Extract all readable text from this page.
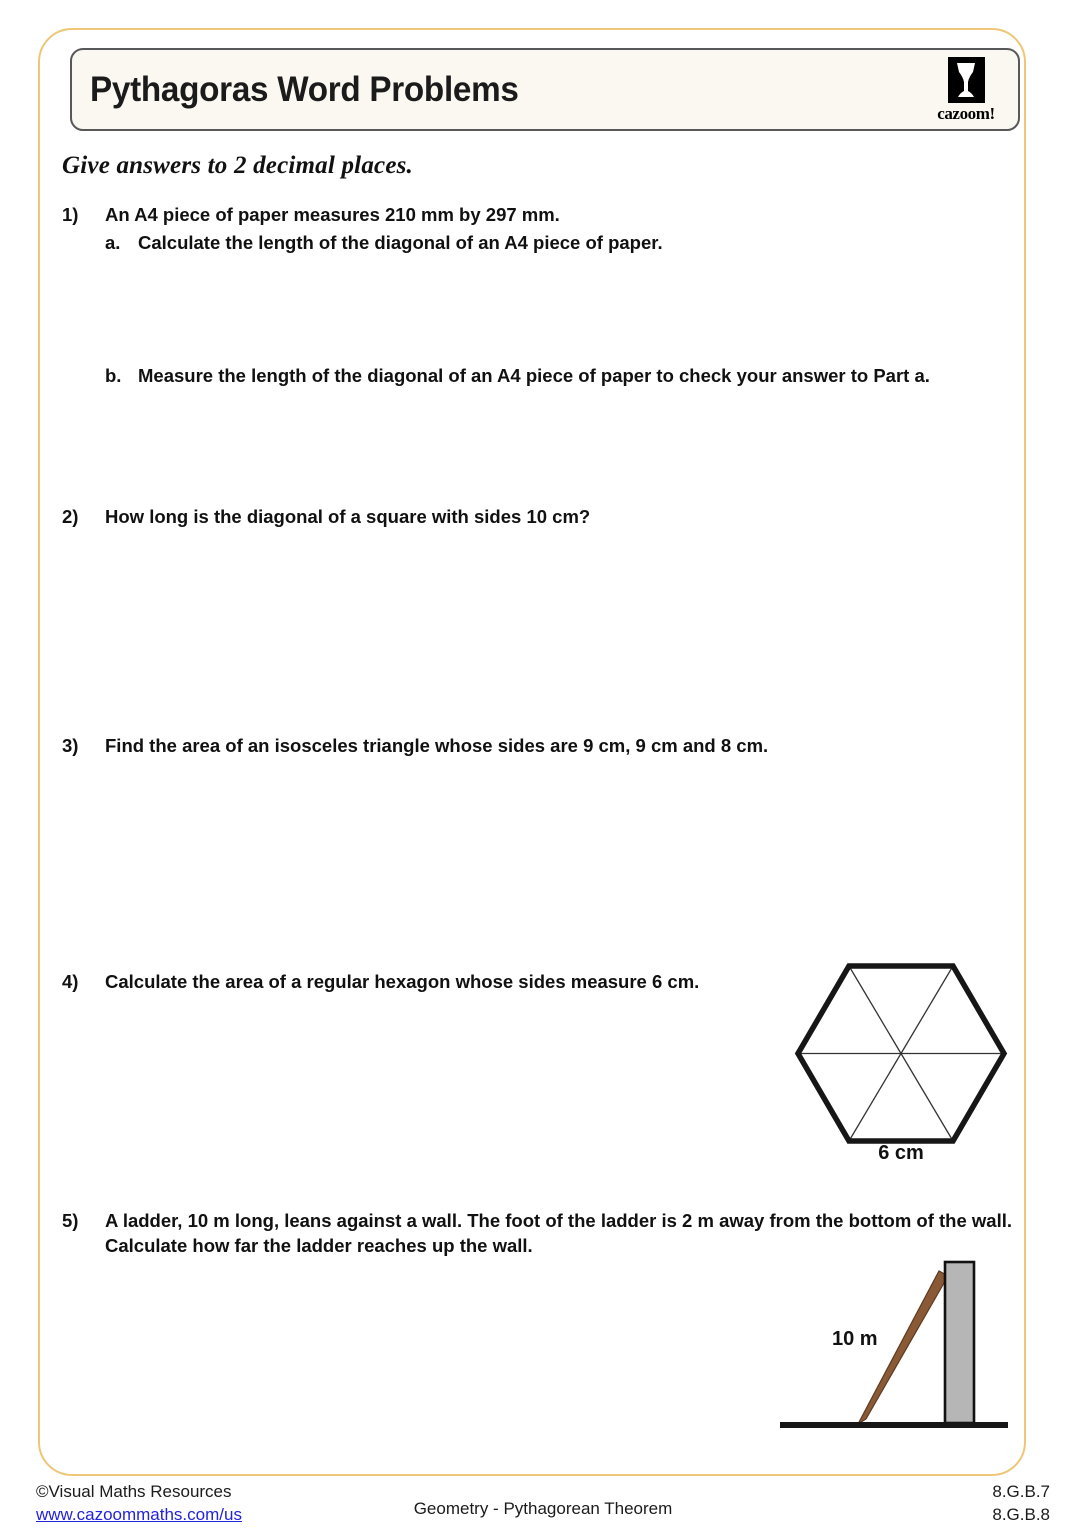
Pythagoras Word Problems
cazoom!
Give answers to 2 decimal places.
1)	An A4 piece of paper measures 210 mm by 297 mm.
a. Calculate the length of the diagonal of an A4 piece of paper.
b. Measure the length of the diagonal of an A4 piece of paper to check your answer to Part a.
2)	How long is the diagonal of a square with sides 10 cm?
3)	Find the area of an isosceles triangle whose sides are 9 cm, 9 cm and 8 cm.
4)	Calculate the area of a regular hexagon whose sides measure 6 cm.
6 cm
5)	A ladder, 10 m long, leans against a wall. The foot of the ladder is 2 m away from the bottom of the wall. Calculate how far the ladder reaches up the wall.
10 m
©Visual Maths Resources
www.cazoommaths.com/us	Geometry - Pythagorean Theorem
8.G.B.7
8.G.B.8
